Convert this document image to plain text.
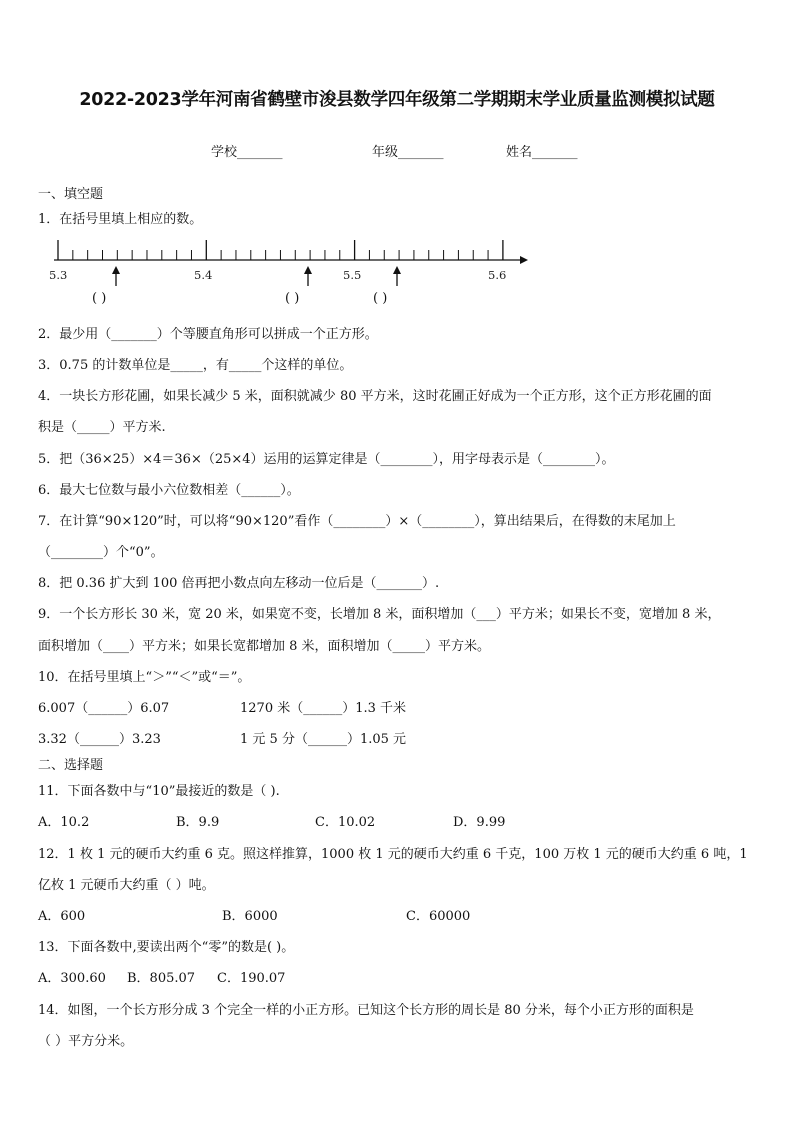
2022-2023学年河南省鹤壁市浚县数学四年级第二学期期末学业质量监测模拟试题
学校_______	年级_______	姓名_______
一、填空题
1．在括号里填上相应的数。
5.3	5.4	5.5	5.6
( )	( )	( )
2．最少用（_______）个等腰直角形可以拼成一个正方形。
3．0.75 的计数单位是_____，有_____个这样的单位。
4．一块长方形花圃，如果长减少 5 米，面积就减少 80 平方米，这时花圃正好成为一个正方形，这个正方形花圃的面
积是（_____）平方米.
5．把（36×25）×4＝36×（25×4）运用的运算定律是（________），用字母表示是（________）。
6．最大七位数与最小六位数相差（______）。
7．在计算“90×120”时，可以将“90×120”看作（________）×（________），算出结果后，在得数的末尾加上
（________）个“0”。
8．把 0.36 扩大到 100 倍再把小数点向左移动一位后是（_______）.
9．一个长方形长 30 米，宽 20 米，如果宽不变，长增加 8 米，面积增加（___）平方米；如果长不变，宽增加 8 米，
面积增加（____）平方米；如果长宽都增加 8 米，面积增加（_____）平方米。
10．在括号里填上“＞”“＜”或“＝”。
6.007（______）6.07	1270 米（______）1.3 千米
3.32（______）3.23	1 元 5 分（______）1.05 元
二、选择题
11．下面各数中与“10”最接近的数是（ ).
A．10.2	B．9.9	C．10.02	D．9.99
12．1 枚 1 元的硬币大约重 6 克。照这样推算，1000 枚 1 元的硬币大约重 6 千克，100 万枚 1 元的硬币大约重 6 吨，1
亿枚 1 元硬币大约重（ ）吨。
A．600	B．6000	C．60000
13．下面各数中,要读出两个“零”的数是( )。
A．300.60 B．805.07 C．190.07
14．如图，一个长方形分成 3 个完全一样的小正方形。已知这个长方形的周长是 80 分米，每个小正方形的面积是
（ ）平方分米。
